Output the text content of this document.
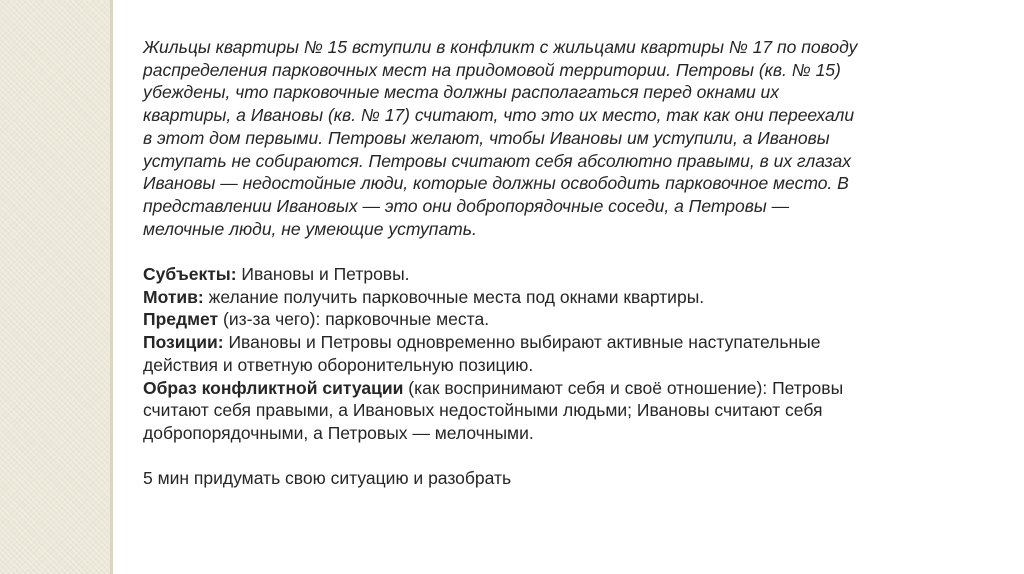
Жильцы квартиры № 15 вступили в конфликт с жильцами квартиры № 17 по поводу
распределения парковочных мест на придомовой территории. Петровы (кв. № 15)
убеждены, что парковочные места должны располагаться перед окнами их
квартиры, а Ивановы (кв. № 17) считают, что это их место, так как они переехали
в этот дом первыми. Петровы желают, чтобы Ивановы им уступили, а Ивановы
уступать не собираются. Петровы считают себя абсолютно правыми, в их глазах
Ивановы — недостойные люди, которые должны освободить парковочное место. В
представлении Ивановых — это они добропорядочные соседи, а Петровы —
мелочные люди, не умеющие уступать.

Субъекты: Ивановы и Петровы.

Мотив: желание получить парковочные места под окнами квартиры.

Предмет (из-за чего): парковочные места.

Позиции: Ивановы и Петровы одновременно выбирают активные наступательные
действия и ответную оборонительную позицию.

Образ конфликтной ситуации (как воспринимают себя и своё отношение): Петровы
считают себя правыми, а Ивановых недостойными людьми; Ивановы считают себя
добропорядочными, а Петровых — мелочными.

5 мин придумать свою ситуацию и разобрать
